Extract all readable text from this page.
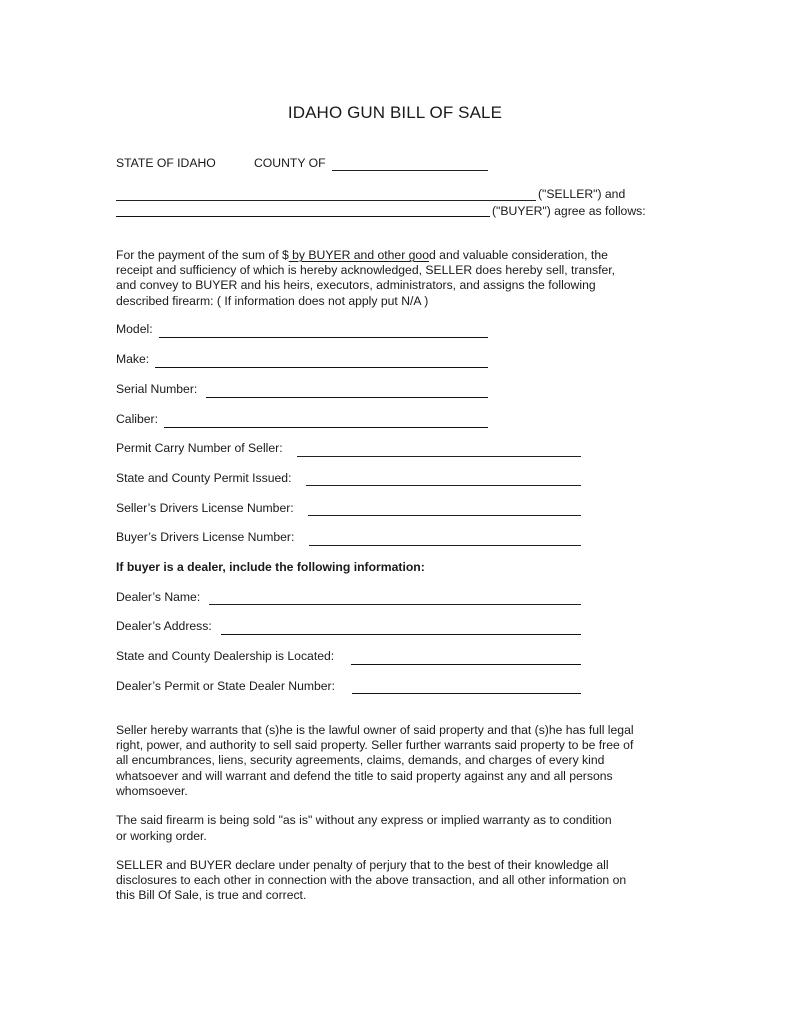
IDAHO GUN BILL OF SALE
STATE OF IDAHO	COUNTY OF
("SELLER") and
("BUYER") agree as follows:
For the payment of the sum of $ by BUYER and other good and valuable consideration, the
receipt and sufficiency of which is hereby acknowledged, SELLER does hereby sell, transfer,
and convey to BUYER and his heirs, executors, administrators, and assigns the following
described firearm: ( If information does not apply put N/A )
Model:
Make:
Serial Number:
Caliber:
Permit Carry Number of Seller:
State and County Permit Issued:
Seller’s Drivers License Number:
Buyer’s Drivers License Number:
If buyer is a dealer, include the following information:
Dealer’s Name:
Dealer’s Address:
State and County Dealership is Located:
Dealer’s Permit or State Dealer Number:
Seller hereby warrants that (s)he is the lawful owner of said property and that (s)he has full legal
right, power, and authority to sell said property. Seller further warrants said property to be free of
all encumbrances, liens, security agreements, claims, demands, and charges of every kind
whatsoever and will warrant and defend the title to said property against any and all persons
whomsoever.
The said firearm is being sold "as is" without any express or implied warranty as to condition
or working order.
SELLER and BUYER declare under penalty of perjury that to the best of their knowledge all
disclosures to each other in connection with the above transaction, and all other information on
this Bill Of Sale, is true and correct.
